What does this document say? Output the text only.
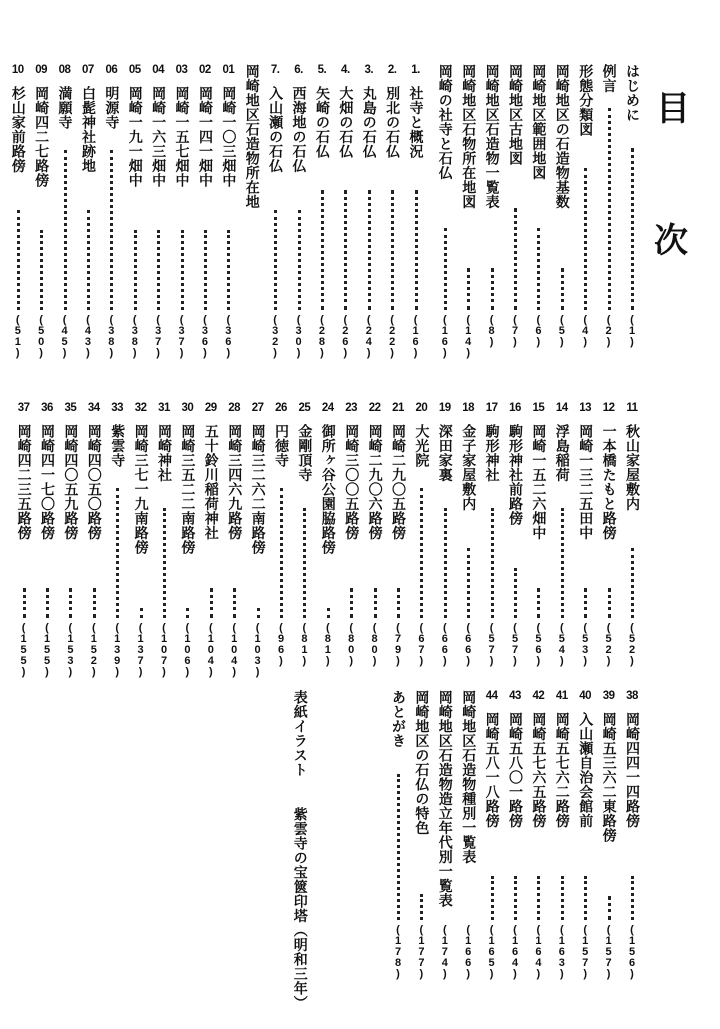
目
次
はじめに
(1)
例言
(2)
形態分類図
(4)
岡崎地区の石造物基数
(5)
岡崎地区範囲地図
(6)
岡崎地区古地図
(7)
岡崎地区石造物一覧表
(8)
岡崎地区石物所在地図
(14)
岡崎の社寺と石仏
(16)
1.
社寺と概況
(16)
2.
別北の石仏
(22)
3.
丸島の石仏
(24)
4.
大畑の石仏
(26)
5.
矢崎の石仏
(28)
6.
西海地の石仏
(30)
7.
入山瀬の石仏
(32)
岡崎地区石造物所在地
01
岡崎一〇三畑中
(36)
02
岡崎一四一畑中
(36)
03
岡崎一五七畑中
(37)
04
岡崎一六三畑中
(37)
05
岡崎一九一畑中
(38)
06
明源寺
(38)
07
白髭神社跡地
(43)
08
満願寺
(45)
09
岡崎四二七路傍
(50)
10
杉山家前路傍
(51)
11
秋山家屋敷内
(52)
12
一本橋たもと路傍
(52)
13
岡崎一三二五田中
(53)
14
浮島稲荷
(54)
15
岡崎一五二六畑中
(56)
16
駒形神社前路傍
(57)
17
駒形神社
(57)
18
金子家屋敷内
(66)
19
深田家裏
(66)
20
大光院
(67)
21
岡崎二九〇五路傍
(79)
22
岡崎二九〇六路傍
(80)
23
岡崎三〇〇五路傍
(80)
24
御所ヶ谷公園脇路傍
(81)
25
金剛頂寺
(81)
26
円徳寺
(96)
27
岡崎三二六二南路傍
(103)
28
岡崎三四六九路傍
(104)
29
五十鈴川稲荷神社
(104)
30
岡崎三五二二南路傍
(106)
31
岡崎神社
(107)
32
岡崎三七一九南路傍
(137)
33
紫雲寺
(139)
34
岡崎四〇五〇路傍
(152)
35
岡崎四〇五九路傍
(153)
36
岡崎四一七〇路傍
(155)
37
岡崎四二三五路傍
(155)
38
岡崎四四一四路傍
(156)
39
岡崎五三六二東路傍
(157)
40
入山瀬自治会館前
(157)
41
岡崎五七六二路傍
(163)
42
岡崎五七六五路傍
(164)
43
岡崎五八〇一路傍
(164)
44
岡崎五八一八路傍
(165)
岡崎地区石造物種別一覧表
(166)
岡崎地区石造物造立年代別一覧表
(174)
岡崎地区の石仏の特色
(177)
あとがき
(178)
表紙イラスト紫雲寺の宝篋印塔（明和三年）
